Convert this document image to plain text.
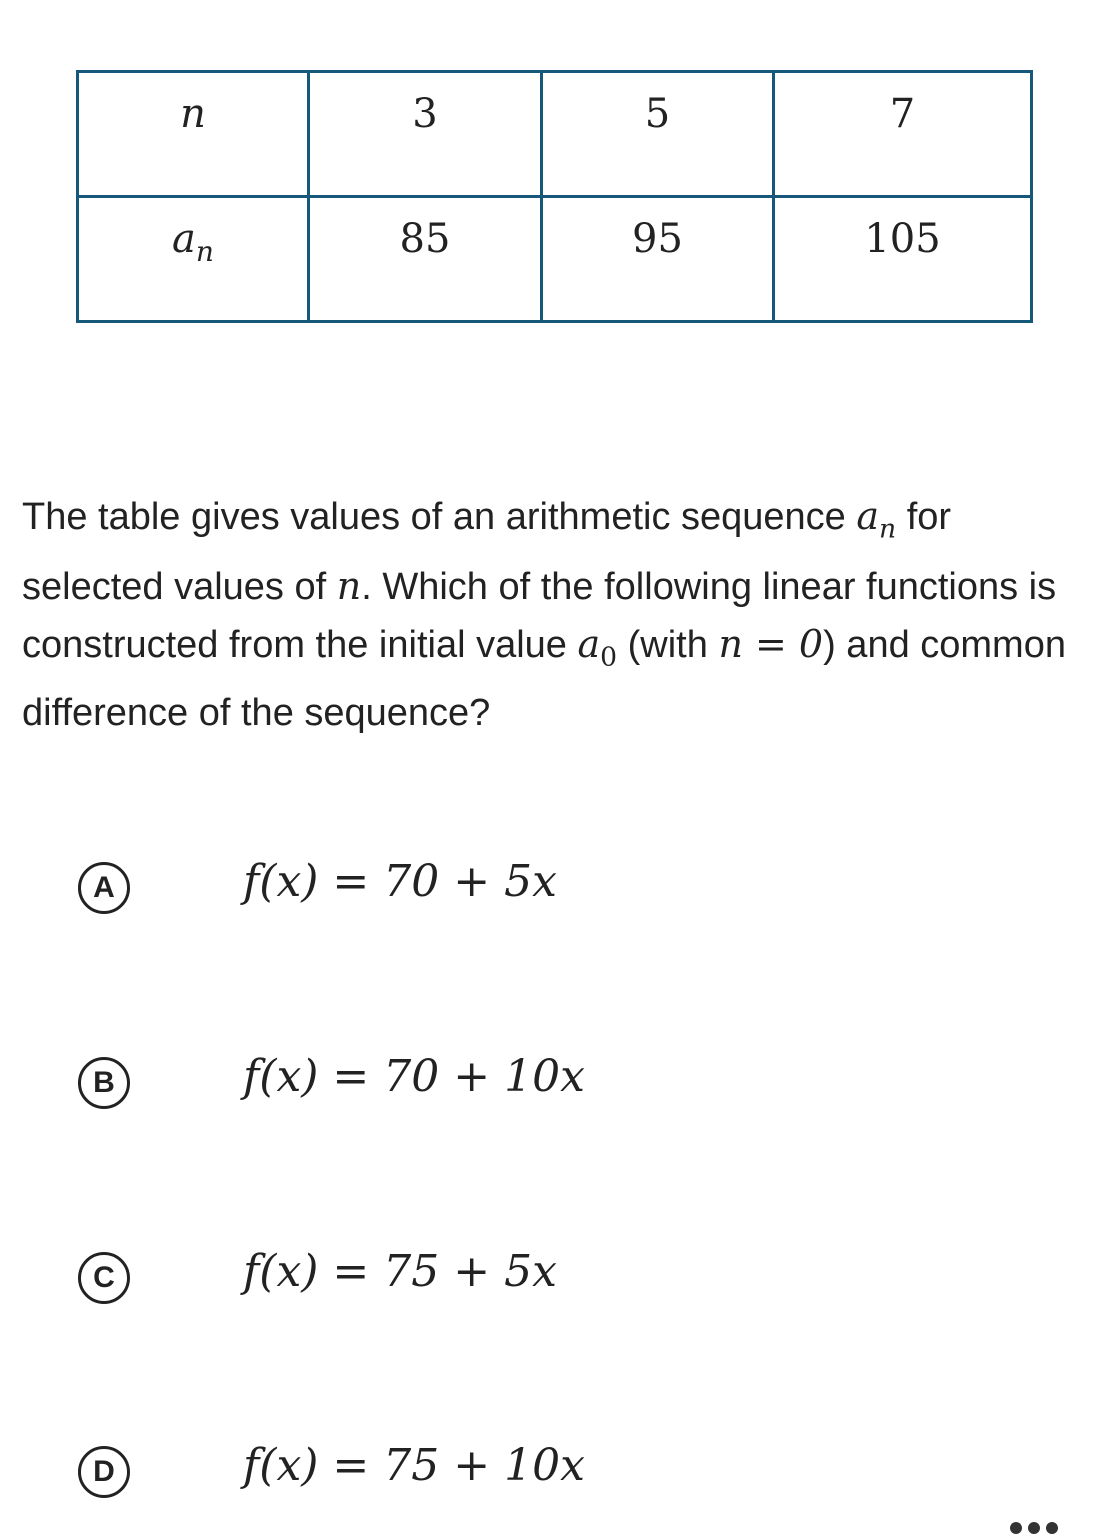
n	3	5	7
$a_n$	85	95	105
The table gives values of an arithmetic sequence $a_n$ for selected values of n. Which of the following linear functions is constructed from the initial value $a_0$ (with n = 0) and common difference of the sequence?
A	f(x) = 70 + 5x
B	f(x) = 70 + 10x
C	f(x) = 75 + 5x
D	f(x) = 75 + 10x
